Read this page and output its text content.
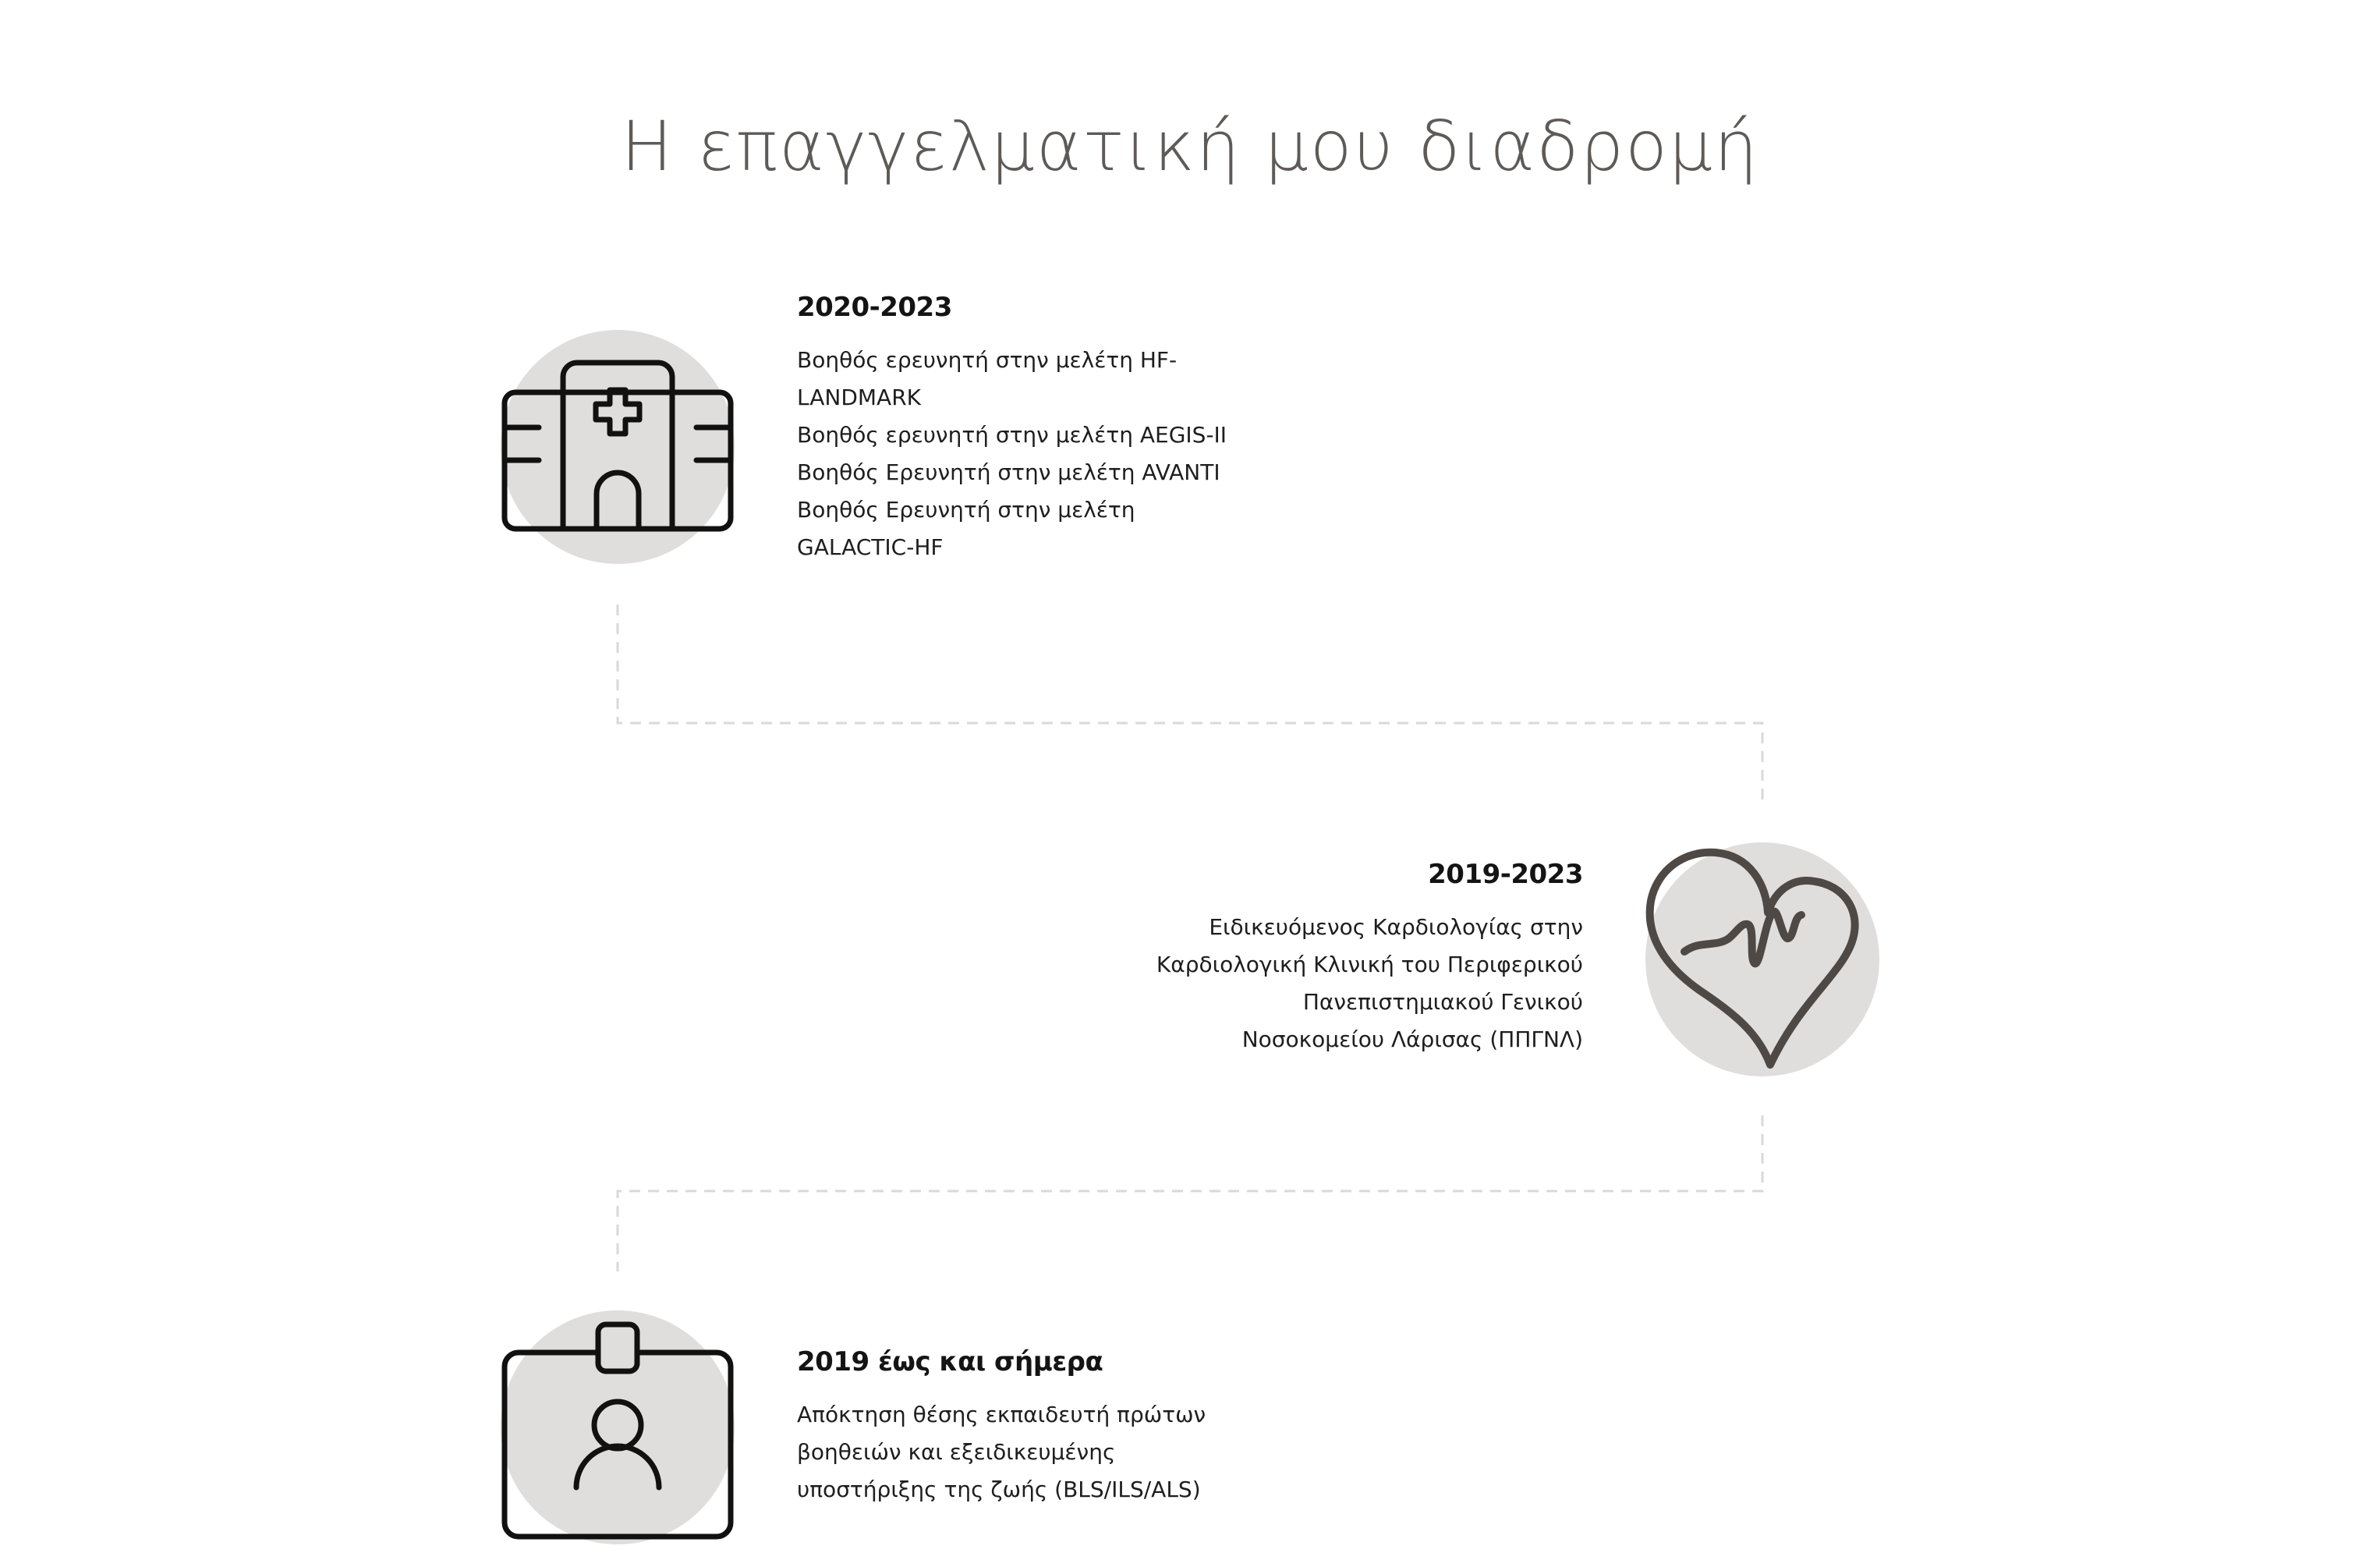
Η επαγγελματική μου διαδρομή
2020-2023
Βοηθός ερευνητή στην μελέτη HF-
LANDMARK
Βοηθός ερευνητή στην μελέτη AEGIS-II
Βοηθός Ερευνητή στην μελέτη AVANTI
Βοηθός Ερευνητή στην μελέτη
GALACTIC-HF
2019-2023
Ειδικευόμενος Καρδιολογίας στην
Καρδιολογική Κλινική του Περιφερικού
Πανεπιστημιακού Γενικού
Νοσοκομείου Λάρισας (ΠΠΓΝΛ)
2019 έως και σήμερα
Απόκτηση θέσης εκπαιδευτή πρώτων
βοηθειών και εξειδικευμένης
υποστήριξης της ζωής (BLS/ILS/ALS)
